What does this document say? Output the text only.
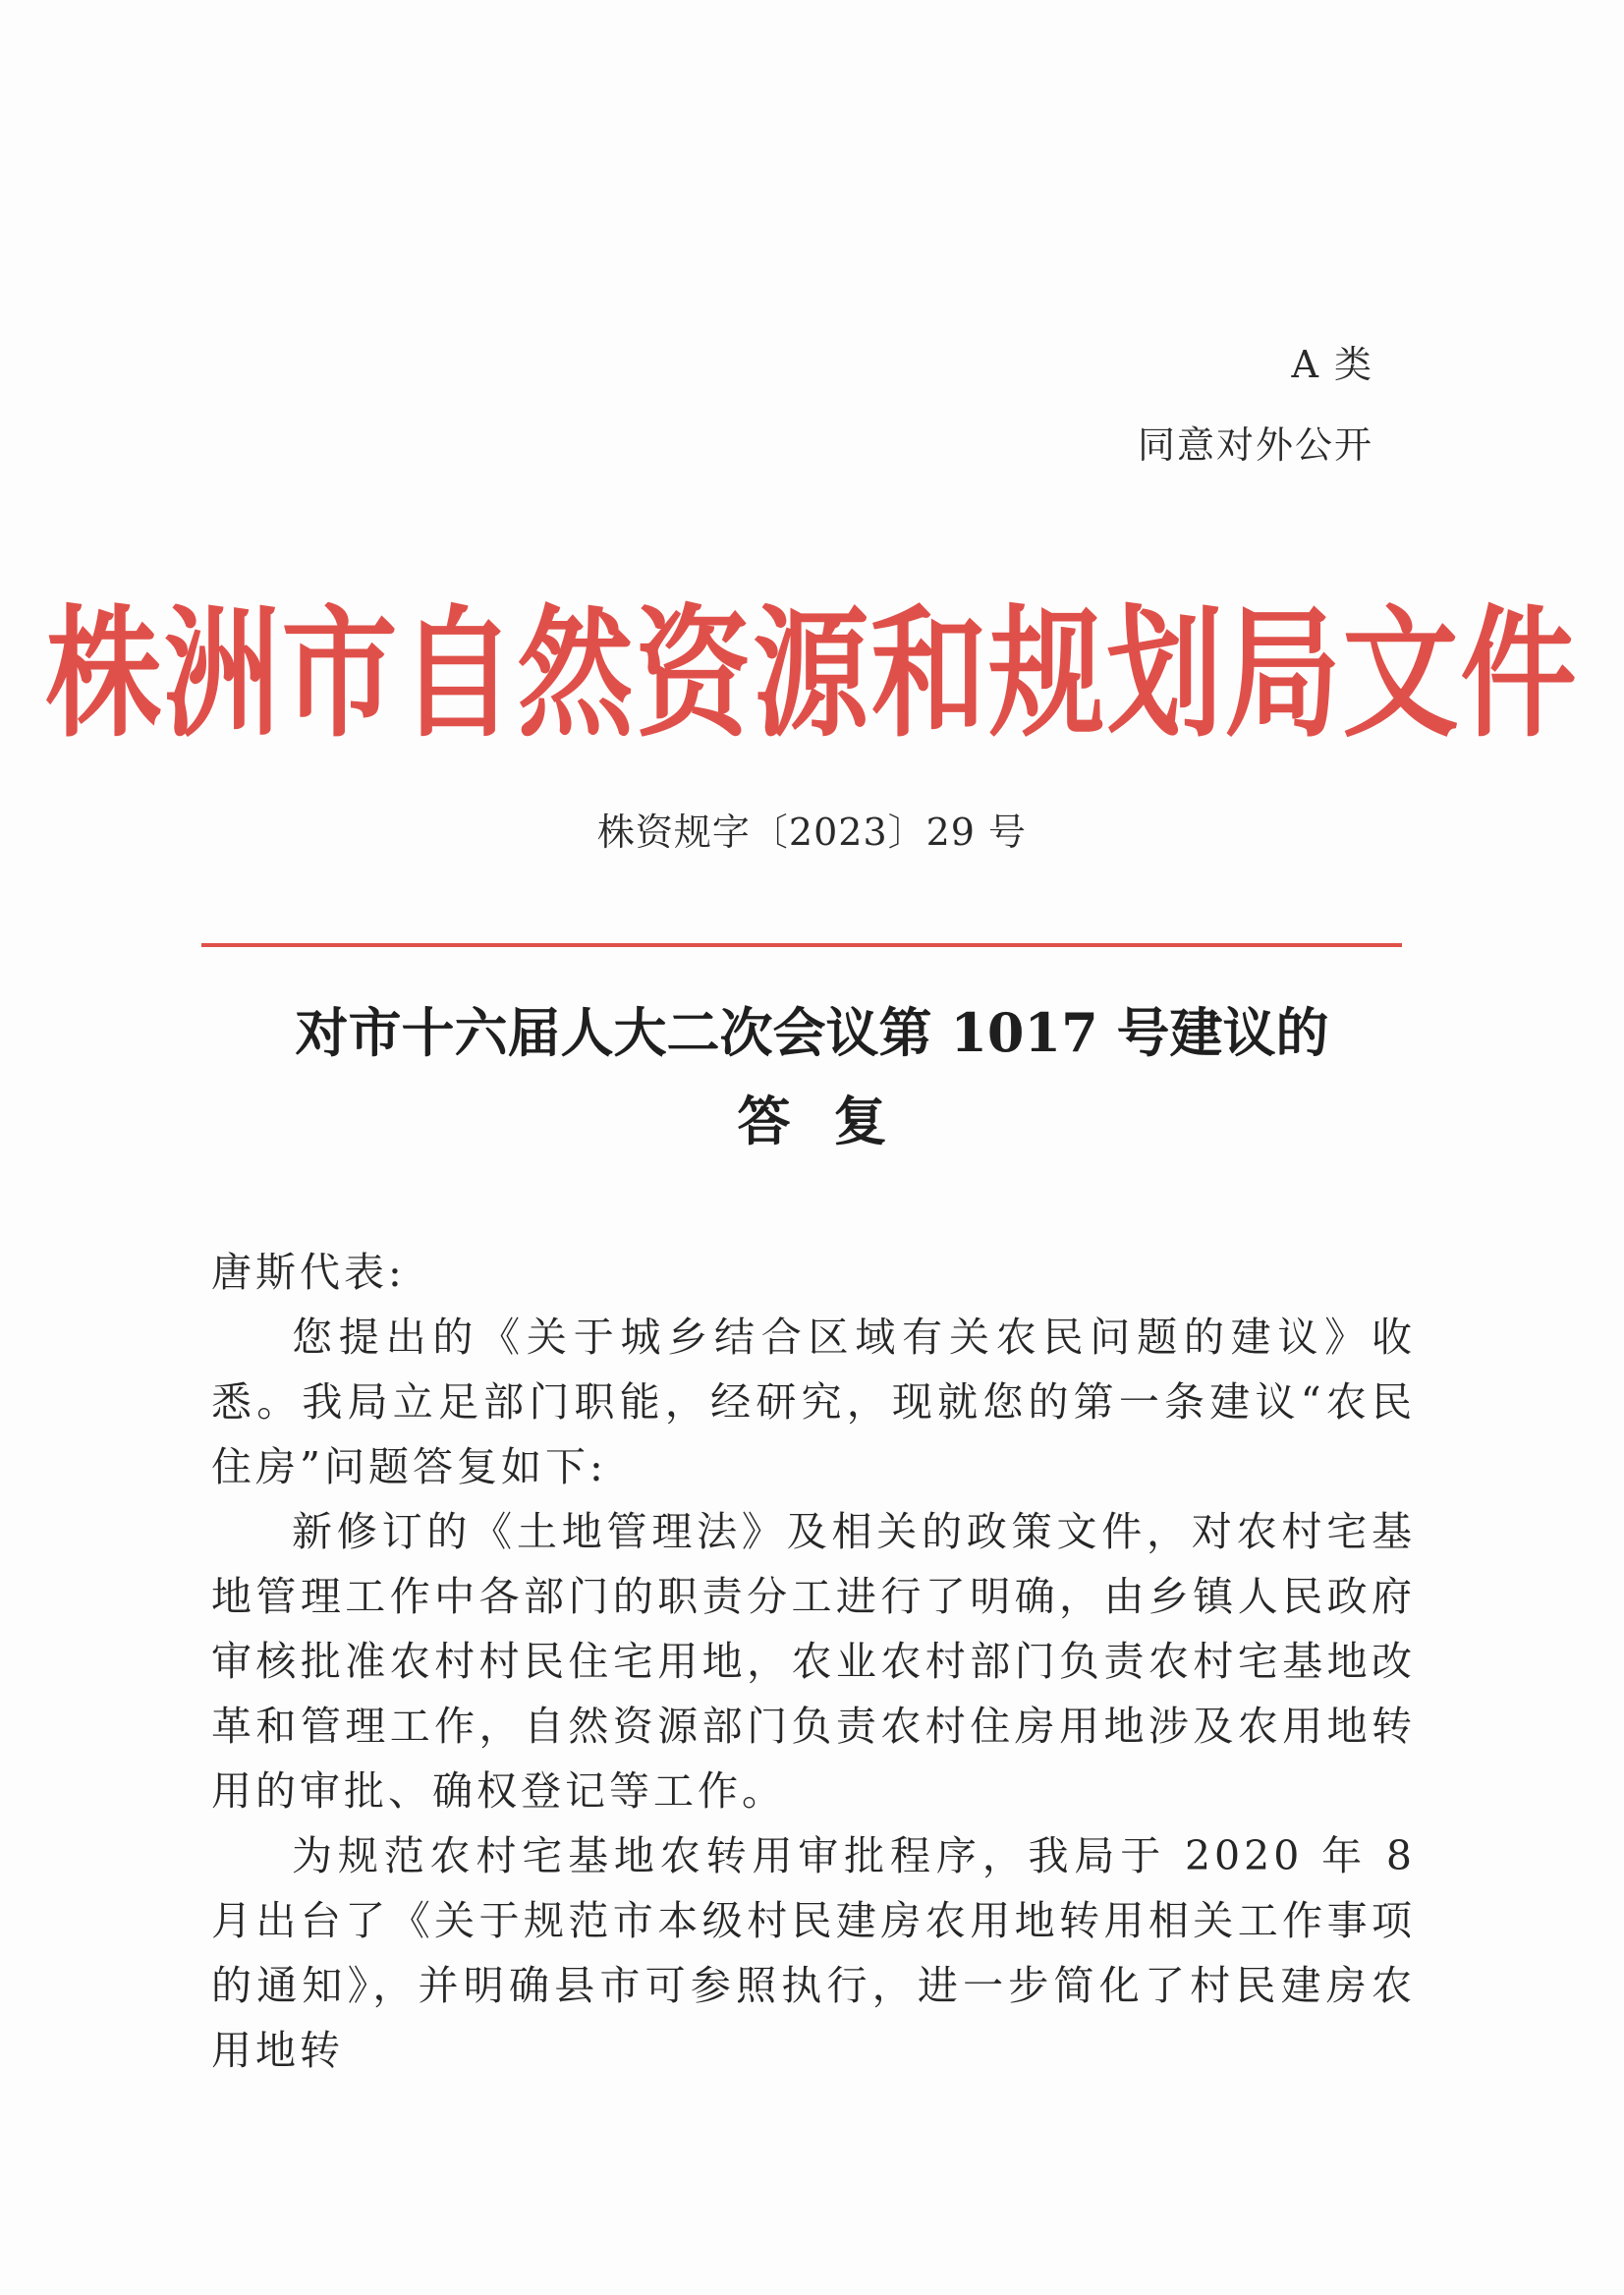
A 类
同意对外公开
株洲市自然资源和规划局文件
株资规字〔2023〕29 号
对市十六届人大二次会议第 1017 号建议的
答复

唐斯代表:

您提出的《关于城乡结合区域有关农民问题的建议》收悉。我局立足部门职能，经研究，现就您的第一条建议“农民住房”问题答复如下:

新修订的《土地管理法》及相关的政策文件，对农村宅基地管理工作中各部门的职责分工进行了明确，由乡镇人民政府审核批准农村村民住宅用地，农业农村部门负责农村宅基地改革和管理工作，自然资源部门负责农村住房用地涉及农用地转用的审批、确权登记等工作。

为规范农村宅基地农转用审批程序，我局于 2020 年 8 月出台了《关于规范市本级村民建房农用地转用相关工作事项的通知》，并明确县市可参照执行，进一步简化了村民建房农用地转
